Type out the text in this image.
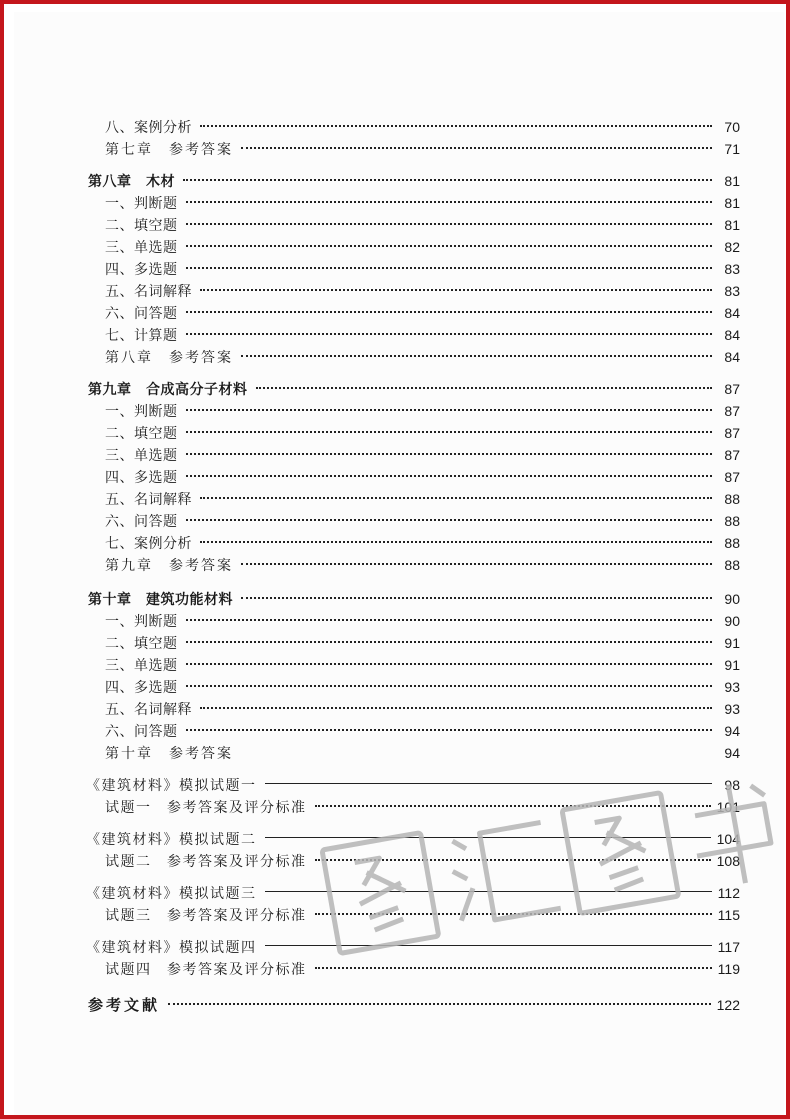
八、案例分析	70
第七章　参考答案	71
第八章　木材	81
一、判断题	81
二、填空题	81
三、单选题	82
四、多选题	83
五、名词解释	83
六、问答题	84
七、计算题	84
第八章　参考答案	84
第九章　合成高分子材料	87
一、判断题	87
二、填空题	87
三、单选题	87
四、多选题	87
五、名词解释	88
六、问答题	88
七、案例分析	88
第九章　参考答案	88
第十章　建筑功能材料	90
一、判断题	90
二、填空题	91
三、单选题	91
四、多选题	93
五、名词解释	93
六、问答题	94
第十章　参考答案	94
《建筑材料》模拟试题一	98
试题一　参考答案及评分标准	101
《建筑材料》模拟试题二	104
试题二　参考答案及评分标准	108
《建筑材料》模拟试题三	112
试题三　参考答案及评分标准	115
《建筑材料》模拟试题四	117
试题四　参考答案及评分标准	119
参考文献	122
